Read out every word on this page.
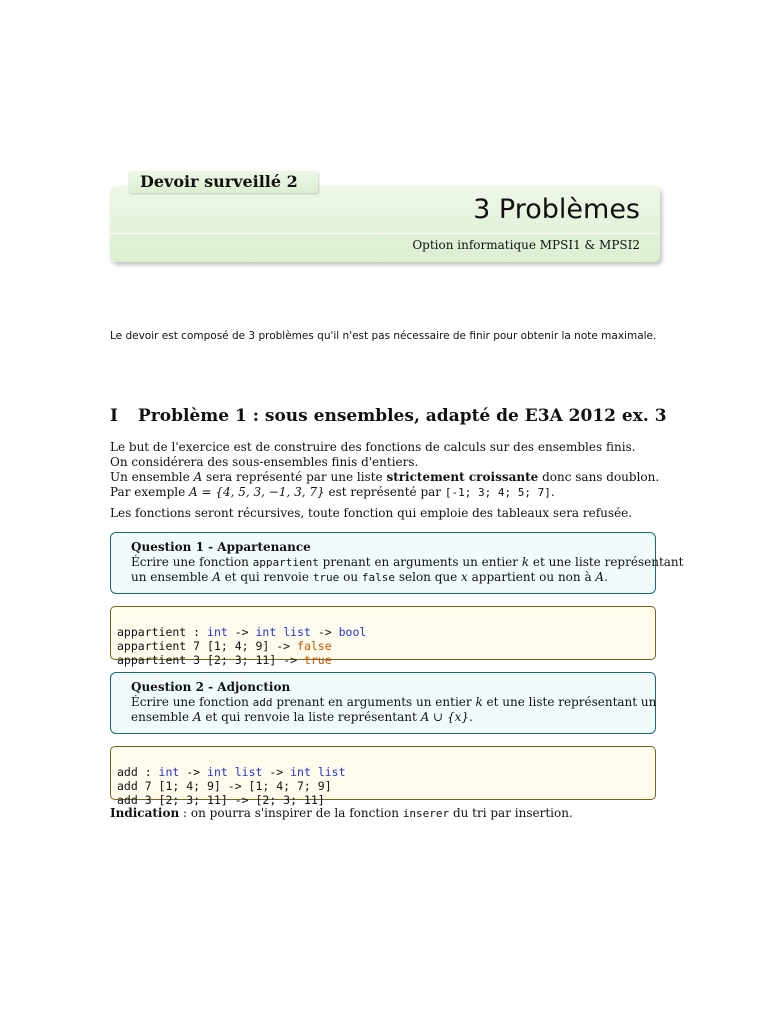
3 Problèmes
Option informatique MPSI1 & MPSI2
Devoir surveillé 2
Le devoir est composé de 3 problèmes qu'il n'est pas nécessaire de finir pour obtenir la note maximale.
I Problème 1 : sous ensembles, adapté de E3A 2012 ex. 3
Le but de l'exercice est de construire des fonctions de calculs sur des ensembles finis.
On considérera des sous-ensembles finis d'entiers.
Un ensemble A sera représenté par une liste strictement croissante donc sans doublon.
Par exemple A = {4, 5, 3, −1, 3, 7} est représenté par [-1; 3; 4; 5; 7].
Les fonctions seront récursives, toute fonction qui emploie des tableaux sera refusée.
Question 1 - Appartenance
Écrire une fonction appartient prenant en arguments un entier k et une liste représentant
un ensemble A et qui renvoie true ou false selon que x appartient ou non à A.

appartient : int -> int list -> bool
appartient 7 [1; 4; 9] -> false
appartient 3 [2; 3; 11] -> true
Question 2 - Adjonction
Écrire une fonction add prenant en arguments un entier k et une liste représentant un
ensemble A et qui renvoie la liste représentant A ∪ {x}.

add : int -> int list -> int list
add 7 [1; 4; 9] -> [1; 4; 7; 9]
add 3 [2; 3; 11] -> [2; 3; 11]
Indication : on pourra s'inspirer de la fonction inserer du tri par insertion.
